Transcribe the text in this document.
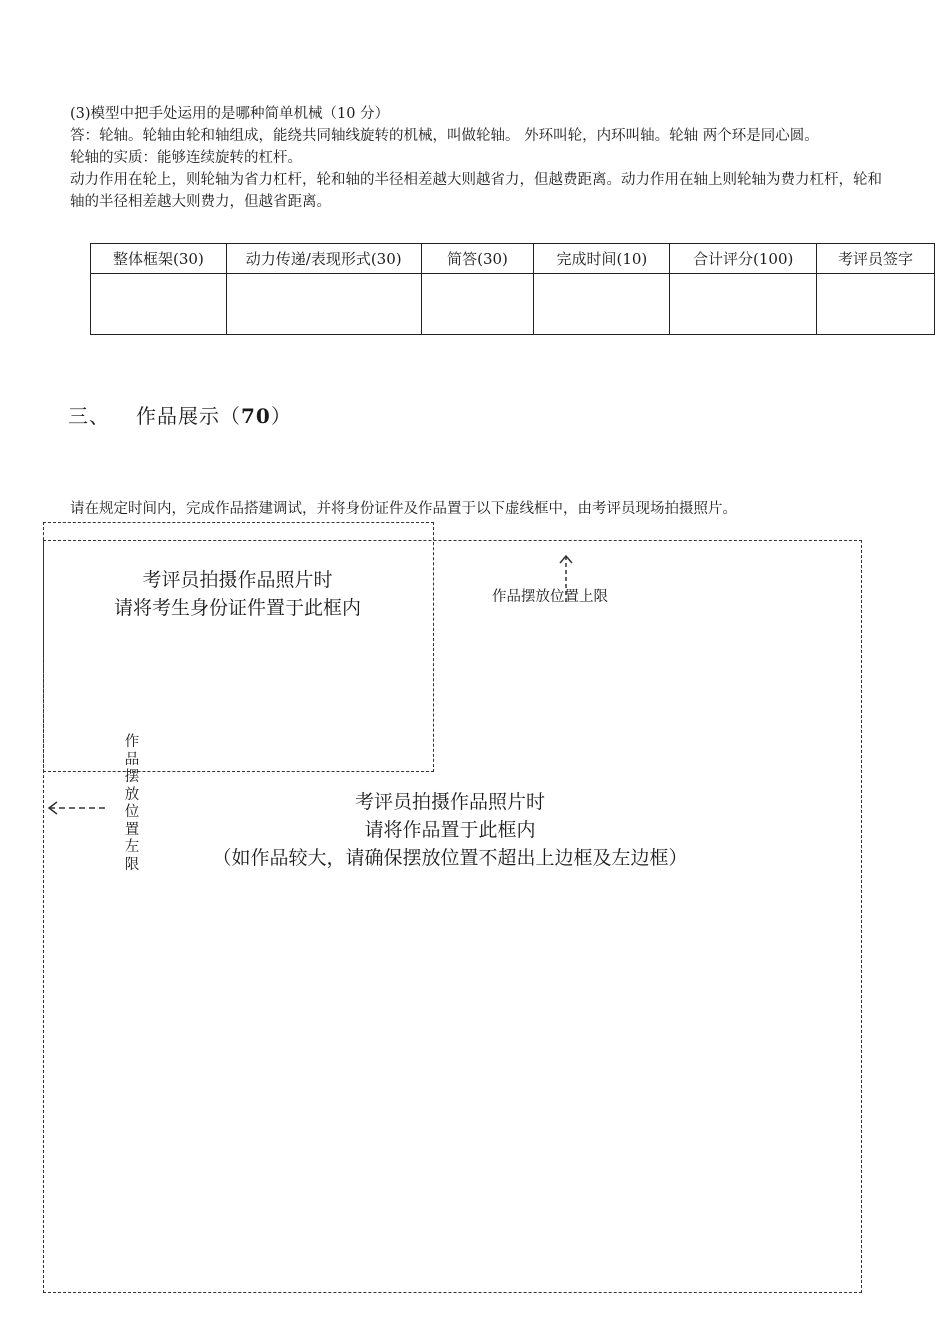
(3)模型中把手处运用的是哪种简单机械（10 分）

答：轮轴。轮轴由轮和轴组成，能绕共同轴线旋转的机械，叫做轮轴。 外环叫轮，内环叫轴。轮轴 两个环是同心圆。

轮轴的实质：能够连续旋转的杠杆。

动力作用在轮上，则轮轴为省力杠杆，轮和轴的半径相差越大则越省力，但越费距离。动力作用在轴上则轮轴为费力杠杆，轮和轴的半径相差越大则费力，但越省距离。

整体框架(30)	动力传递/表现形式(30)	简答(30)	完成时间(10)	合计评分(100)	考评员签字

三、 作品展示（70）
请在规定时间内，完成作品搭建调试，并将身份证件及作品置于以下虚线框中，由考评员现场拍摄照片。
考评员拍摄作品照片时
请将考生身份证件置于此框内	作品摆放位置上限
作品摆放位置左限
考评员拍摄作品照片时
请将作品置于此框内
（如作品较大，请确保摆放位置不超出上边框及左边框）
